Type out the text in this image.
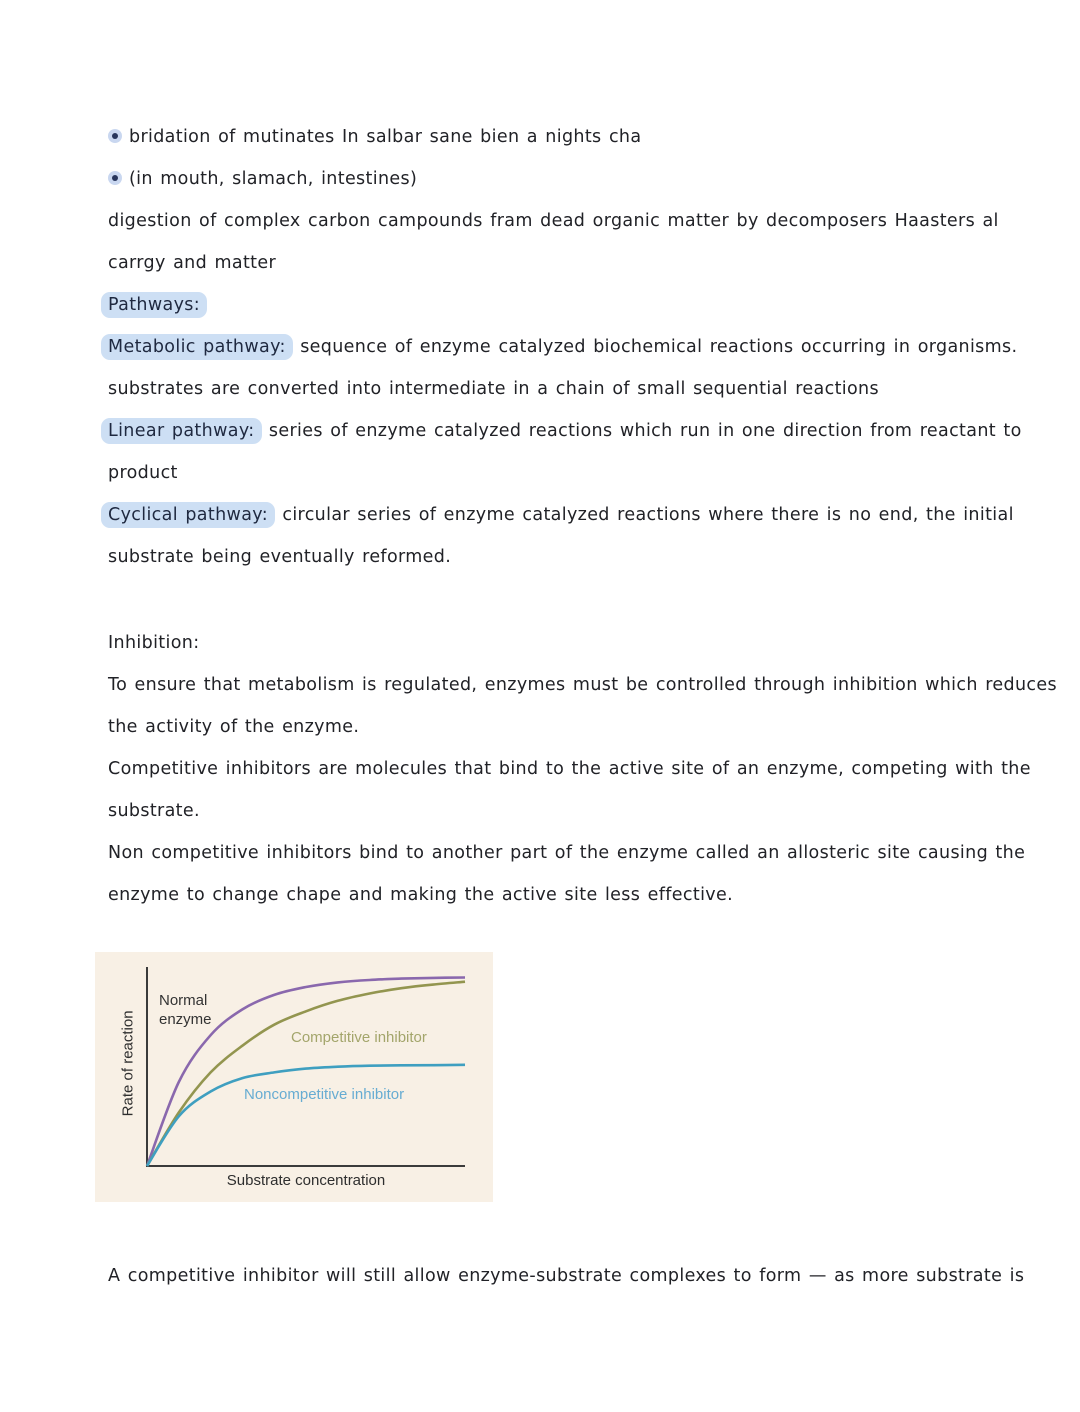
bridation of mutinates In salbar sane bien a nights cha
(in mouth, slamach, intestines)
digestion of complex carbon campounds fram dead organic matter by decomposers Haasters al
carrgy and matter
Pathways:
Metabolic pathway: sequence of enzyme catalyzed biochemical reactions occurring in organisms.
substrates are converted into intermediate in a chain of small sequential reactions
Linear pathway: series of enzyme catalyzed reactions which run in one direction from reactant to
product
Cyclical pathway: circular series of enzyme catalyzed reactions where there is no end, the initial
substrate being eventually reformed.
Inhibition:
To ensure that metabolism is regulated, enzymes must be controlled through inhibition which reduces
the activity of the enzyme.
Competitive inhibitors are molecules that bind to the active site of an enzyme, competing with the
substrate.
Non competitive inhibitors bind to another part of the enzyme called an allosteric site causing the
enzyme to change chape and making the active site less effective.
Rate of reaction
Substrate concentration
Normal enzyme
Competitive inhibitor
Noncompetitive inhibitor
A competitive inhibitor will still allow enzyme-substrate complexes to form — as more substrate is
